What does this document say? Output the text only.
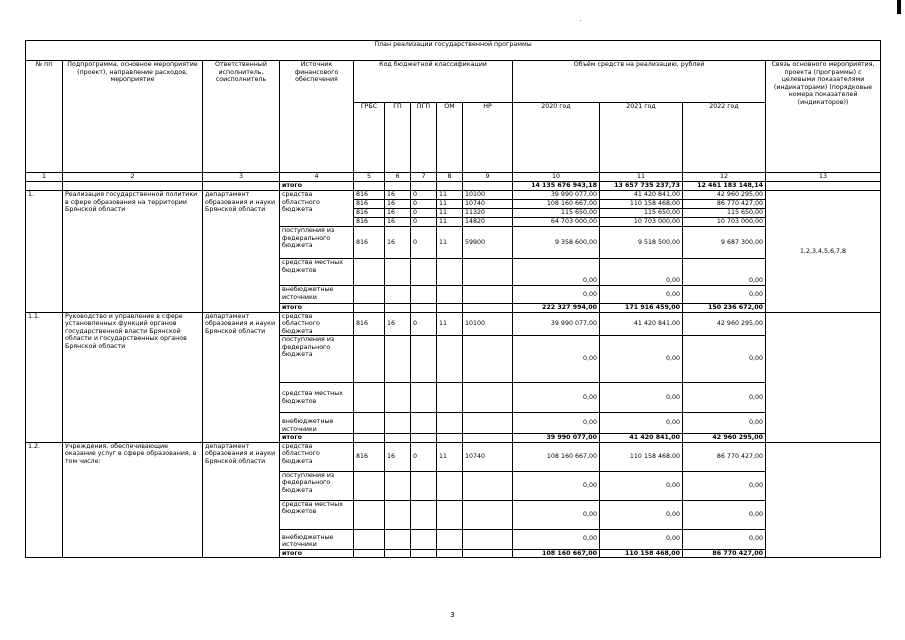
План реализации государственной программы												
№ пп	Подпрограмма, основное мероприятие (проект), направление расходов, мероприятие	Ответственный исполнитель, соисполнитель	Источник финансового обеспечения	Код бюджетной классификации					Объём средств на реализацию, рублей			Связь основного мероприятия, проекта (программы) с целевыми показателями (индикаторами) (порядковые номера показателей (индикаторов))
				ГРБС	ГП	ПГП	ОМ	НР	2020 год	2021 год	2022 год	
1	2	3	4	5	6	7	8	9	10	11	12	13
			итого						14 135 676 943,18	13 657 735 237,73	12 461 183 148,14	
1.	Реализация государственной политики в сфере образования на территории Брянской области	департамент образования и науки Брянской области	средства областного бюджета	816	16	0	11	10100	39 990 077,00	41 420 841,00	42 960 295,00	1,2,3,4,5,6,7,8
				816	16	0	11	10740	108 160 667,00	110 158 468,00	86 770 427,00	
				816	16	0	11	11320	115 650,00	115 650,00	115 650,00	
				816	16	0	11	14820	64 703 000,00	10 703 000,00	10 703 000,00	
			поступления из федерального бюджета	816	16	0	11	59900	9 358 600,00	9 518 500,00	9 687 300,00	
			средства местных бюджетов						0,00	0,00	0,00	
			внебюджетные источники						0,00	0,00	0,00	
			итого						222 327 994,00	171 916 459,00	150 236 672,00	
1.1.	Руководство и управление в сфере установленных функций органов государственной власти Брянской области и государственных органов Брянской области	департамент образования и науки Брянской области	средства областного бюджета	816	16	0	11	10100	39 990 077,00	41 420 841,00	42 960 295,00	
			поступления из федерального бюджета						0,00	0,00	0,00	
			средства местных бюджетов						0,00	0,00	0,00	
			внебюджетные источники						0,00	0,00	0,00	
			итого						39 990 077,00	41 420 841,00	42 960 295,00	
1.2.	Учреждения, обеспечивающие оказание услуг в сфере образования, в том числе:	департамент образования и науки Брянской области	средства областного бюджета	816	16	0	11	10740	108 160 667,00	110 158 468,00	86 770 427,00	
			поступления из федерального бюджета						0,00	0,00	0,00	
			средства местных бюджетов						0,00	0,00	0,00	
			внебюджетные источники						0,00	0,00	0,00	
			итого						108 160 667,00	110 158 468,00	86 770 427,00	
3
